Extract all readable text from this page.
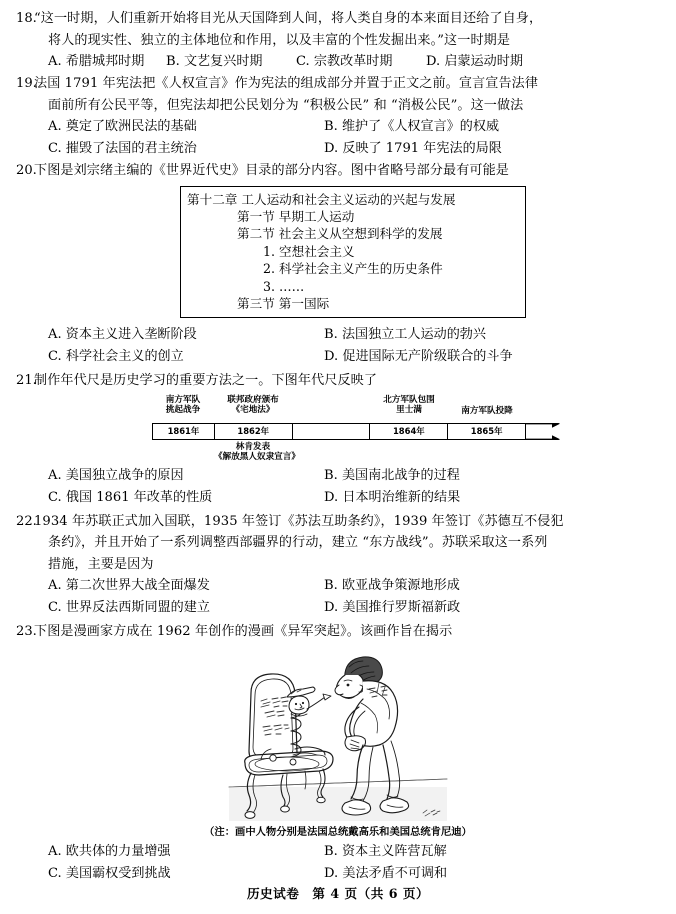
18.
“这一时期，人们重新开始将目光从天国降到人间，将人类自身的本来面目还给了自身，
将人的现实性、独立的主体地位和作用，以及丰富的个性发掘出来。”这一时期是
A. 希腊城邦时期	B. 文艺复兴时期	C. 宗教改革时期	D. 启蒙运动时期
19.
法国 1791 年宪法把《人权宣言》作为宪法的组成部分并置于正文之前。宣言宣告法律
面前所有公民平等，但宪法却把公民划分为 “积极公民” 和 “消极公民”。这一做法
A. 奠定了欧洲民法的基础	B. 维护了《人权宣言》的权威
C. 摧毁了法国的君主统治	D. 反映了 1791 年宪法的局限
20.
下图是刘宗绪主编的《世界近代史》目录的部分内容。图中省略号部分最有可能是
第十二章 工人运动和社会主义运动的兴起与发展
第一节 早期工人运动
第二节 社会主义从空想到科学的发展
1. 空想社会主义
2. 科学社会主义产生的历史条件
3. ……
第三节 第一国际
A. 资本主义进入垄断阶段	B. 法国独立工人运动的勃兴
C. 科学社会主义的创立	D. 促进国际无产阶级联合的斗争
21.
制作年代尺是历史学习的重要方法之一。下图年代尺反映了
南方军队
挑起战争
联邦政府颁布
《宅地法》
北方军队包围
里士满	南方军队投降
1861年	1862年	1864年	1865年
林肯发表
《解放黑人奴隶宣言》
A. 美国独立战争的原因	B. 美国南北战争的过程
C. 俄国 1861 年改革的性质	D. 日本明治维新的结果
22.
1934 年苏联正式加入国联，1935 年签订《苏法互助条约》，1939 年签订《苏德互不侵犯
条约》，并且开始了一系列调整西部疆界的行动，建立 “东方战线”。苏联采取这一系列
措施，主要是因为
A. 第二次世界大战全面爆发	B. 欧亚战争策源地形成
C. 世界反法西斯同盟的建立	D. 美国推行罗斯福新政
23.
下图是漫画家方成在 1962 年创作的漫画《异军突起》。该画作旨在揭示
（注：画中人物分别是法国总统戴高乐和美国总统肯尼迪）
A. 欧共体的力量增强	B. 资本主义阵营瓦解
C. 美国霸权受到挑战	D. 美法矛盾不可调和
历史试卷　第 4 页（共 6 页）
